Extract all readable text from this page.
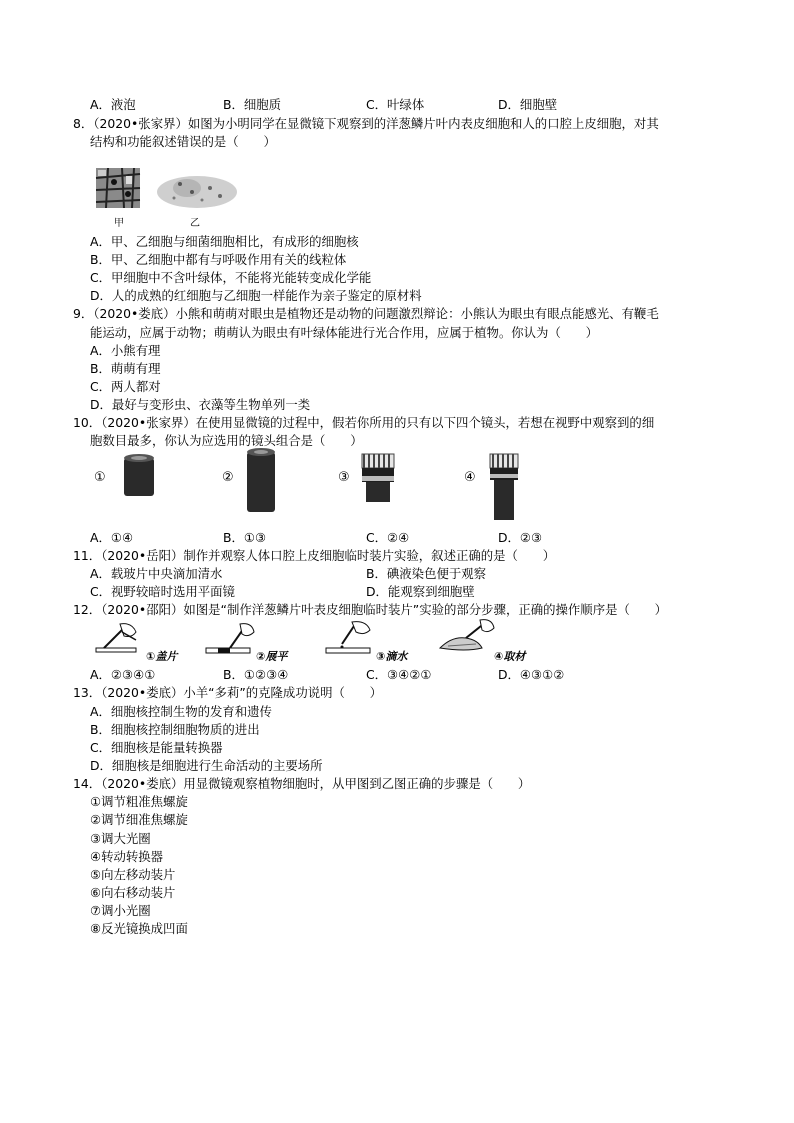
A．液泡	B．细胞质	C．叶绿体	D．细胞壁
8．（2020•张家界）如图为小明同学在显微镜下观察到的洋葱鳞片叶内表皮细胞和人的口腔上皮细胞，对其
结构和功能叙述错误的是（　　）
甲	乙
A．甲、乙细胞与细菌细胞相比，有成形的细胞核
B．甲、乙细胞中都有与呼吸作用有关的线粒体
C．甲细胞中不含叶绿体，不能将光能转变成化学能
D．人的成熟的红细胞与乙细胞一样能作为亲子鉴定的原材料
9．（2020•娄底）小熊和萌萌对眼虫是植物还是动物的问题激烈辩论：小熊认为眼虫有眼点能感光、有鞭毛
能运动，应属于动物；萌萌认为眼虫有叶绿体能进行光合作用，应属于植物。你认为（　　）
A．小熊有理
B．萌萌有理
C．两人都对
D．最好与变形虫、衣藻等生物单列一类
10．（2020•张家界）在使用显微镜的过程中，假若你所用的只有以下四个镜头，若想在视野中观察到的细
胞数目最多，你认为应选用的镜头组合是（　　）
①	②	③	④
A．①④	B．①③	C．②④	D．②③
11．（2020•岳阳）制作并观察人体口腔上皮细胞临时装片实验，叙述正确的是（　　）
A．载玻片中央滴加清水	B．碘液染色便于观察
C．视野较暗时选用平面镜	D．能观察到细胞壁
12．（2020•邵阳）如图是“制作洋葱鳞片叶表皮细胞临时装片”实验的部分步骤，正确的操作顺序是（　　）
①盖片	②展平	③滴水	④取材
A．②③④①	B．①②③④	C．③④②①	D．④③①②
13．（2020•娄底）小羊“多莉”的克隆成功说明（　　）
A．细胞核控制生物的发育和遗传
B．细胞核控制细胞物质的进出
C．细胞核是能量转换器
D．细胞核是细胞进行生命活动的主要场所
14．（2020•娄底）用显微镜观察植物细胞时，从甲图到乙图正确的步骤是（　　）
①调节粗准焦螺旋
②调节细准焦螺旋
③调大光圈
④转动转换器
⑤向左移动装片
⑥向右移动装片
⑦调小光圈
⑧反光镜换成凹面
